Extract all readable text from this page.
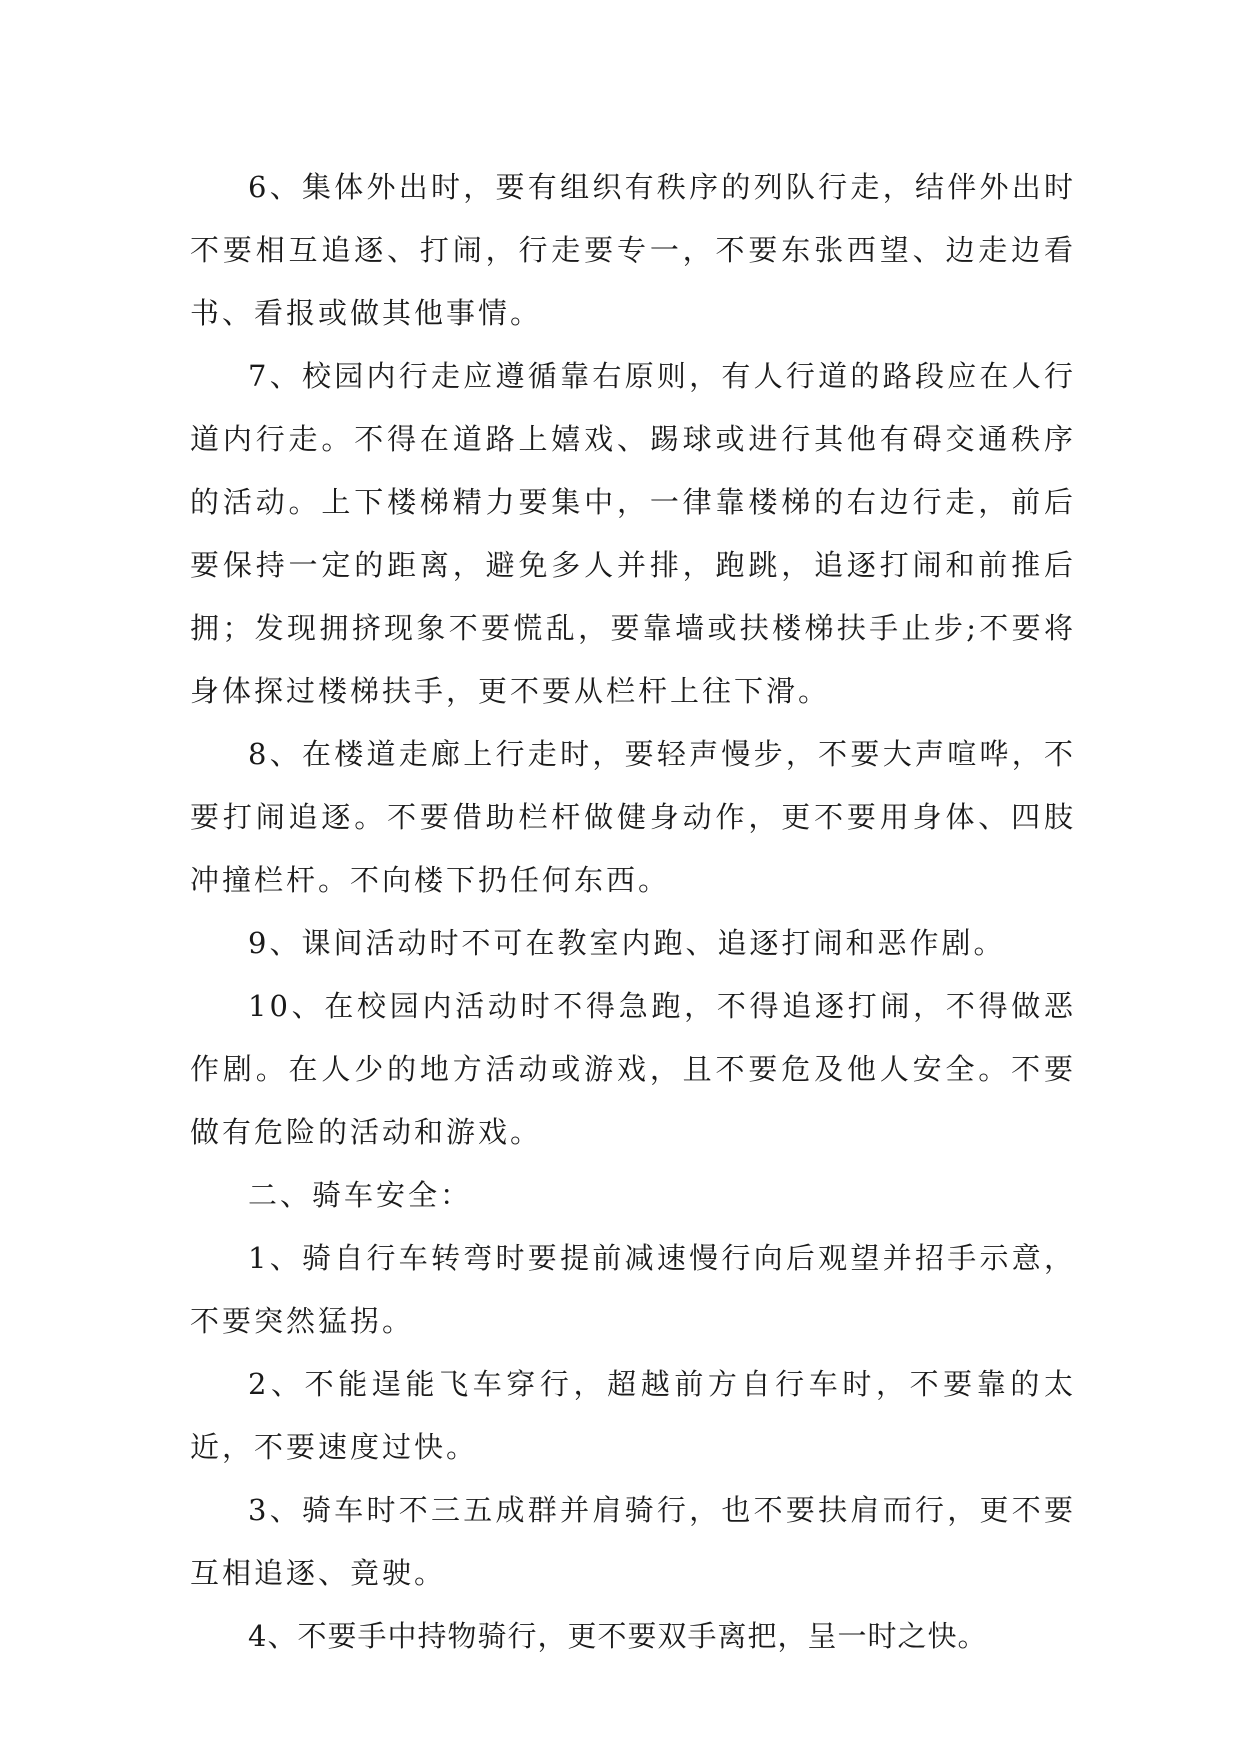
6、集体外出时，要有组织有秩序的列队行走，结伴外出时不要相互追逐、打闹，行走要专一，不要东张西望、边走边看书、看报或做其他事情。

7、校园内行走应遵循靠右原则，有人行道的路段应在人行道内行走。不得在道路上嬉戏、踢球或进行其他有碍交通秩序的活动。上下楼梯精力要集中，一律靠楼梯的右边行走，前后要保持一定的距离，避免多人并排，跑跳，追逐打闹和前推后拥；发现拥挤现象不要慌乱，要靠墙或扶楼梯扶手止步;不要将身体探过楼梯扶手，更不要从栏杆上往下滑。

8、在楼道走廊上行走时，要轻声慢步，不要大声喧哗，不要打闹追逐。不要借助栏杆做健身动作，更不要用身体、四肢冲撞栏杆。不向楼下扔任何东西。

9、课间活动时不可在教室内跑、追逐打闹和恶作剧。

10、在校园内活动时不得急跑，不得追逐打闹，不得做恶作剧。在人少的地方活动或游戏，且不要危及他人安全。不要做有危险的活动和游戏。

二、骑车安全：

1、骑自行车转弯时要提前减速慢行向后观望并招手示意，不要突然猛拐。

2、不能逞能飞车穿行，超越前方自行车时，不要靠的太近，不要速度过快。

3、骑车时不三五成群并肩骑行，也不要扶肩而行，更不要互相追逐、竟驶。

4、不要手中持物骑行，更不要双手离把，呈一时之快。
